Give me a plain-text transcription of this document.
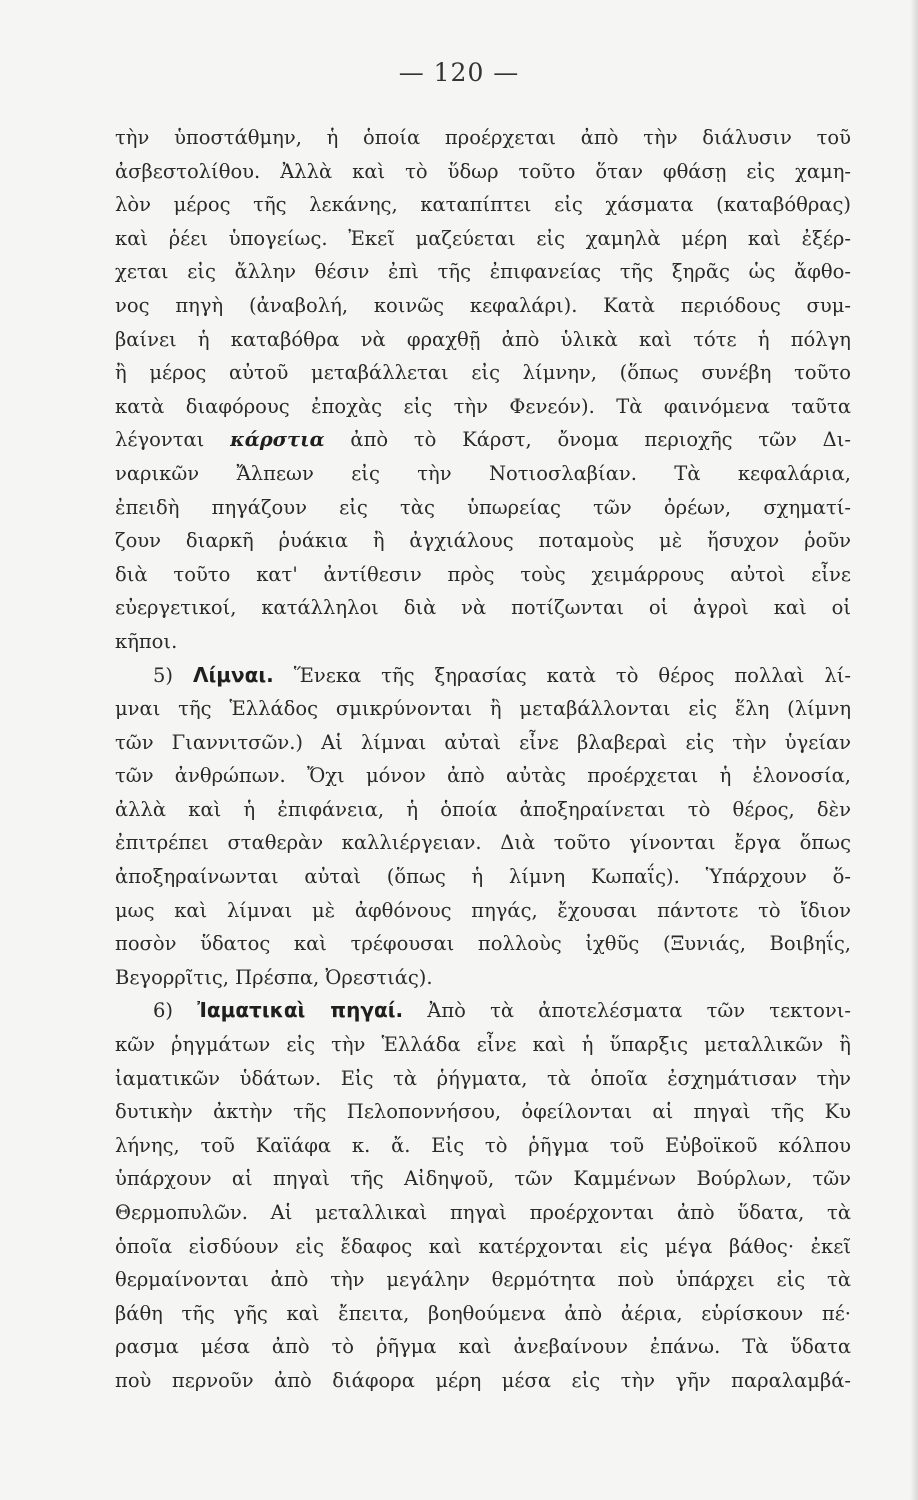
— 120 —
τὴν ὑποστάθμην, ἡ ὁποία προέρχεται ἀπὸ τὴν διάλυσιν τοῦ
ἀσβεστολίθου. Ἀλλὰ καὶ τὸ ὕδωρ τοῦτο ὅταν φθάσῃ εἰς χαμη-
λὸν μέρος τῆς λεκάνης, καταπίπτει εἰς χάσματα (καταβόθρας)
καὶ ῥέει ὑπογείως. Ἐκεῖ μαζεύεται εἰς χαμηλὰ μέρη καὶ ἐξέρ-
χεται εἰς ἄλλην θέσιν ἐπὶ τῆς ἐπιφανείας τῆς ξηρᾶς ὡς ἄφθο-
νος πηγὴ (ἀναβολή, κοινῶς κεφαλάρι). Κατὰ περιόδους συμ-
βαίνει ἡ καταβόθρα νὰ φραχθῇ ἀπὸ ὑλικὰ καὶ τότε ἡ πόλγη
ἢ μέρος αὐτοῦ μεταβάλλεται εἰς λίμνην, (ὅπως συνέβη τοῦτο
κατὰ διαφόρους ἐποχὰς εἰς τὴν Φενεόν). Τὰ φαινόμενα ταῦτα
λέγονται κάρστια ἀπὸ τὸ Κάρστ, ὄνομα περιοχῆς τῶν Δι-
ναρικῶν Ἄλπεων εἰς τὴν Νοτιοσλαβίαν. Τὰ κεφαλάρια,
ἐπειδὴ πηγάζουν εἰς τὰς ὑπωρείας τῶν ὀρέων, σχηματί-
ζουν διαρκῆ ῥυάκια ἢ ἀγχιάλους ποταμοὺς μὲ ἥσυχον ῥοῦν
διὰ τοῦτο κατ' ἀντίθεσιν πρὸς τοὺς χειμάρρους αὐτοὶ εἶνε
εὐεργετικοί, κατάλληλοι διὰ νὰ ποτίζωνται οἱ ἀγροὶ καὶ οἱ
κῆποι.
5) Λίμναι. Ἕνεκα τῆς ξηρασίας κατὰ τὸ θέρος πολλαὶ λί-
μναι τῆς Ἑλλάδος σμικρύνονται ἢ μεταβάλλονται εἰς ἕλη (λίμνη
τῶν Γιαννιτσῶν.) Αἱ λίμναι αὐταὶ εἶνε βλαβεραὶ εἰς τὴν ὑγείαν
τῶν ἀνθρώπων. Ὄχι μόνον ἀπὸ αὐτὰς προέρχεται ἡ ἑλονοσία,
ἀλλὰ καὶ ἡ ἐπιφάνεια, ἡ ὁποία ἀποξηραίνεται τὸ θέρος, δὲν
ἐπιτρέπει σταθερὰν καλλιέργειαν. Διὰ τοῦτο γίνονται ἔργα ὅπως
ἀποξηραίνωνται αὐταὶ (ὅπως ἡ λίμνη Κωπαΐς). Ὑπάρχουν ὅ-
μως καὶ λίμναι μὲ ἀφθόνους πηγάς, ἔχουσαι πάντοτε τὸ ἴδιον
ποσὸν ὕδατος καὶ τρέφουσαι πολλοὺς ἰχθῦς (Ξυνιάς, Βοιβηΐς,
Βεγορρῖτις, Πρέσπα, Ὀρεστιάς).
6) Ἰαματικαὶ πηγαί. Ἀπὸ τὰ ἀποτελέσματα τῶν τεκτονι-
κῶν ῥηγμάτων εἰς τὴν Ἑλλάδα εἶνε καὶ ἡ ὕπαρξις μεταλλικῶν ἢ
ἰαματικῶν ὑδάτων. Εἰς τὰ ῥήγματα, τὰ ὁποῖα ἐσχημάτισαν τὴν
δυτικὴν ἀκτὴν τῆς Πελοποννήσου, ὀφείλονται αἱ πηγαὶ τῆς Κυ
λήνης, τοῦ Καϊάφα κ. ἄ. Εἰς τὸ ῥῆγμα τοῦ Εὐβοϊκοῦ κόλπου
ὑπάρχουν αἱ πηγαὶ τῆς Αἰδηψοῦ, τῶν Καμμένων Βούρλων, τῶν
Θερμοπυλῶν. Αἱ μεταλλικαὶ πηγαὶ προέρχονται ἀπὸ ὕδατα, τὰ
ὁποῖα εἰσδύουν εἰς ἔδαφος καὶ κατέρχονται εἰς μέγα βάθος· ἐκεῖ
θερμαίνονται ἀπὸ τὴν μεγάλην θερμότητα ποὺ ὑπάρχει εἰς τὰ
βάθη τῆς γῆς καὶ ἔπειτα, βοηθούμενα ἀπὸ ἀέρια, εὑρίσκουν πέ·
ρασμα μέσα ἀπὸ τὸ ῥῆγμα καὶ ἀνεβαίνουν ἐπάνω. Τὰ ὕδατα
ποὺ περνοῦν ἀπὸ διάφορα μέρη μέσα εἰς τὴν γῆν παραλαμβά-
